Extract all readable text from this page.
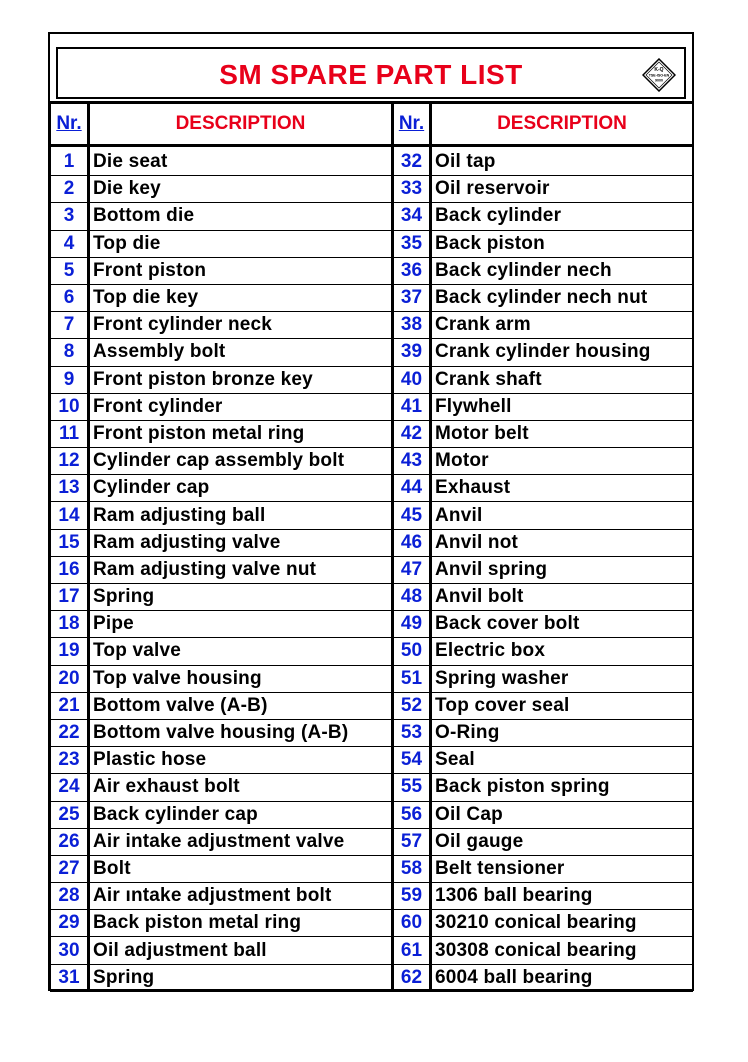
SM SPARE PART LIST	K-Q
TSE-ISO-EN
9000
Nr.	DESCRIPTION	Nr.	DESCRIPTION
1	Die seat	32	Oil tap
2	Die key	33	Oil reservoir
3	Bottom die	34	Back cylinder
4	Top die	35	Back piston
5	Front piston	36	Back cylinder nech
6	Top die key	37	Back cylinder nech nut
7	Front cylinder neck	38	Crank arm
8	Assembly bolt	39	Crank cylinder housing
9	Front piston bronze key	40	Crank shaft
10	Front cylinder	41	Flywhell
11	Front piston metal ring	42	Motor belt
12	Cylinder cap assembly bolt	43	Motor
13	Cylinder cap	44	Exhaust
14	Ram adjusting ball	45	Anvil
15	Ram adjusting valve	46	Anvil not
16	Ram adjusting valve nut	47	Anvil spring
17	Spring	48	Anvil bolt
18	Pipe	49	Back cover bolt
19	Top valve	50	Electric box
20	Top valve housing	51	Spring washer
21	Bottom valve (A-B)	52	Top cover seal
22	Bottom valve housing (A-B)	53	O-Ring
23	Plastic hose	54	Seal
24	Air exhaust bolt	55	Back piston spring
25	Back cylinder cap	56	Oil Cap
26	Air intake adjustment valve	57	Oil gauge
27	Bolt	58	Belt tensioner
28	Air ıntake adjustment bolt	59	1306 ball bearing
29	Back piston metal ring	60	30210 conical bearing
30	Oil adjustment ball	61	30308 conical bearing
31	Spring	62	6004 ball bearing
